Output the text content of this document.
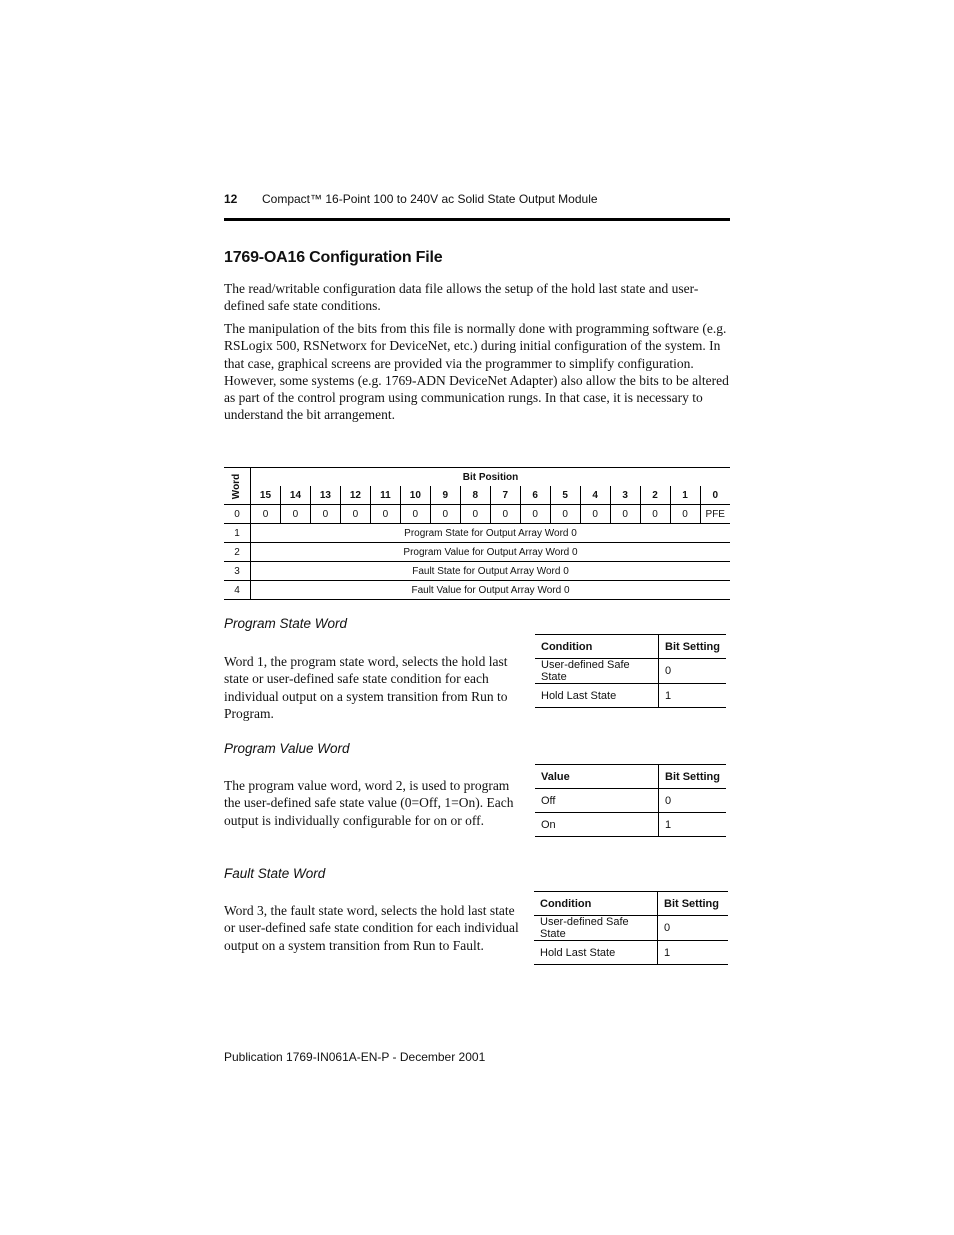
12 Compact™ 16-Point 100 to 240V ac Solid State Output Module
1769-OA16 Configuration File
The read/writable configuration data file allows the setup of the hold last state and user-defined safe state conditions.
The manipulation of the bits from this file is normally done with programming software (e.g. RSLogix 500, RSNetworx for DeviceNet, etc.) during initial configuration of the system. In that case, graphical screens are provided via the programmer to simplify configuration. However, some systems (e.g. 1769-ADN DeviceNet Adapter) also allow the bits to be altered as part of the control program using communication rungs. In that case, it is necessary to understand the bit arrangement.
Word	Bit Position															
	15	14	13	12	11	10	9	8	7	6	5	4	3	2	1	0
0	0	0	0	0	0	0	0	0	0	0	0	0	0	0	0	PFE
1	Program State for Output Array Word 0															
2	Program Value for Output Array Word 0															
3	Fault State for Output Array Word 0															
4	Fault Value for Output Array Word 0															
Program State Word
Word 1, the program state word, selects the hold last state or user-defined safe state condition for each individual output on a system transition from Run to Program.
Condition	Bit Setting
User-defined Safe State	0
Hold Last State	1
Program Value Word
The program value word, word 2, is used to program the user-defined safe state value (0=Off, 1=On). Each output is individually configurable for on or off.
Value	Bit Setting
Off	0
On	1
Fault State Word
Word 3, the fault state word, selects the hold last state or user-defined safe state condition for each individual output on a system transition from Run to Fault.
Condition	Bit Setting
User-defined Safe State	0
Hold Last State	1
Publication 1769-IN061A-EN-P - December 2001
